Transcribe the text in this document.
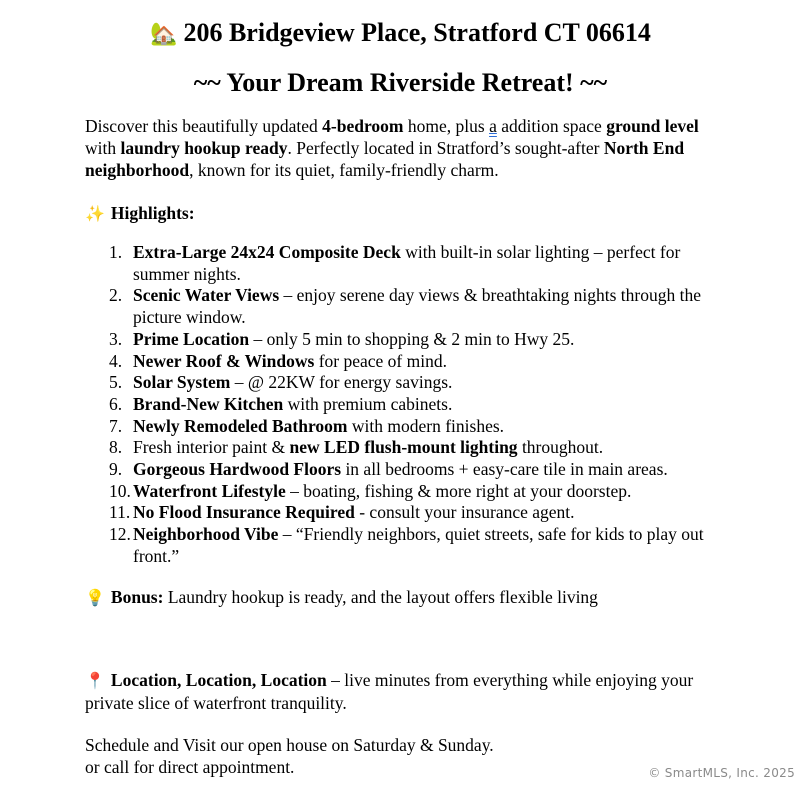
🏡 206 Bridgeview Place, Stratford CT 06614
~~ Your Dream Riverside Retreat! ~~

Discover this beautifully updated 4-bedroom home, plus a addition space ground level with laundry hookup ready. Perfectly located in Stratford’s sought-after North End neighborhood, known for its quiet, family-friendly charm.

✨ Highlights:

1. Extra-Large 24x24 Composite Deck with built-in solar lighting – perfect for summer nights.
2. Scenic Water Views – enjoy serene day views & breathtaking nights through the picture window.
3. Prime Location – only 5 min to shopping & 2 min to Hwy 25.
4. Newer Roof & Windows for peace of mind.
5. Solar System – @ 22KW for energy savings.
6. Brand-New Kitchen with premium cabinets.
7. Newly Remodeled Bathroom with modern finishes.
8. Fresh interior paint & new LED flush-mount lighting throughout.
9. Gorgeous Hardwood Floors in all bedrooms + easy-care tile in main areas.
10. Waterfront Lifestyle – boating, fishing & more right at your doorstep.
11. No Flood Insurance Required - consult your insurance agent.
12. Neighborhood Vibe – “Friendly neighbors, quiet streets, safe for kids to play out front.”

💡 Bonus: Laundry hookup is ready, and the layout offers flexible living

📍 Location, Location, Location – live minutes from everything while enjoying your private slice of waterfront tranquility.

Schedule and Visit our open house on Saturday & Sunday.
or call for direct appointment.	© SmartMLS, Inc. 2025
